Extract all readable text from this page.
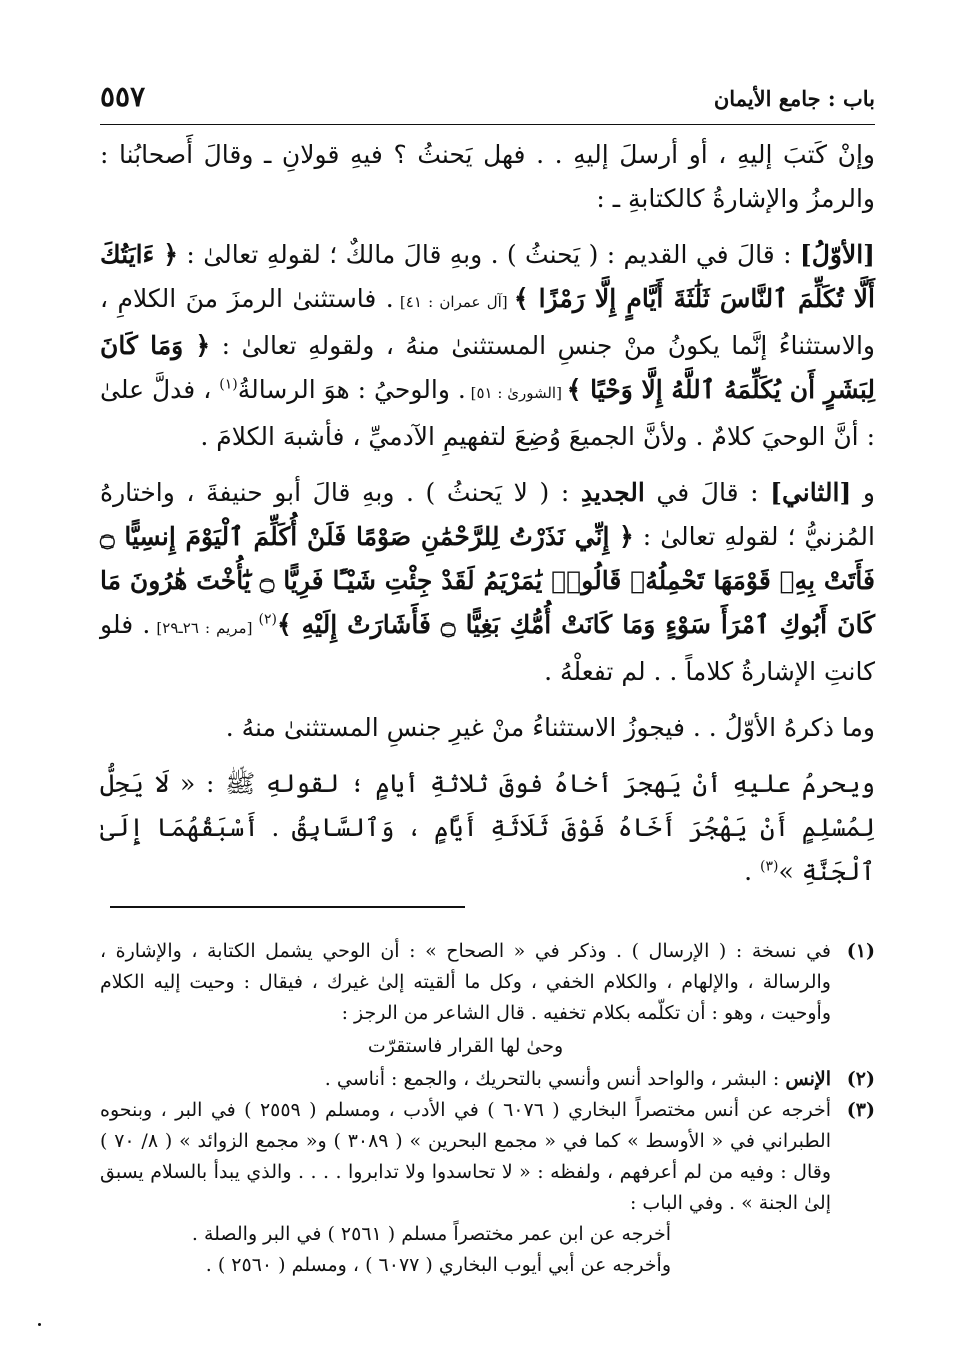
باب : جامع الأيمان
٥٥٧

وإنْ كَتبَ إليهِ ، أو أرسلَ إليهِ . . فهل يَحنثُ ؟ فيهِ قولانِ ـ وقالَ أَصحابُنا : والرمزُ والإشارةُ كالكتابةِ ـ :

[الأوّلُ] : قالَ في القديم : ( يَحنثُ ) . وبهِ قالَ مالكٌ ؛ لقولهِ تعالىٰ : ﴿ ءَايَتُكَ أَلَّا تُكَلِّمَ ٱلنَّاسَ ثَلَٰثَةَ أَيَّامٍ إِلَّا رَمْزًا ﴾ [آل عمران : ٤١] . فاستثنىٰ الرمزَ منَ الكلامِ ، والاستثناءُ إنَّما يكونُ منْ جنسِ المستثنىٰ منهُ ، ولقولهِ تعالىٰ : ﴿ وَمَا كَانَ لِبَشَرٍ أَن يُكَلِّمَهُ ٱللَّهُ إِلَّا وَحْيًا ﴾ [الشورىٰ : ٥١] . والوحيُ : هوَ الرسالةُ$^{(١)}$ ، فدلَّ علىٰ : أنَّ الوحيَ كلامٌ . ولأنَّ الجميعَ وُضِعَ لتفهيمِ الآدميِّ ، فأشبهَ الكلامَ .

و [الثاني] : قالَ في الجديدِ : ( لا يَحنثُ ) . وبهِ قالَ أبو حنيفةَ ، واختارهُ المُزنيُّ ؛ لقولهِ تعالىٰ : ﴿ إِنِّي نَذَرْتُ لِلرَّحْمَٰنِ صَوْمًا فَلَنْ أُكَلِّمَ ٱلْيَوْمَ إِنسِيًّا ۝ فَأَتَتْ بِهِۦ قَوْمَهَا تَحْمِلُهُۥ قَالُوا۟ يَٰمَرْيَمُ لَقَدْ جِئْتِ شَيْـًٔا فَرِيًّا ۝ يَٰٓأُخْتَ هَٰرُونَ مَا كَانَ أَبُوكِ ٱمْرَأَ سَوْءٍ وَمَا كَانَتْ أُمُّكِ بَغِيًّا ۝ فَأَشَارَتْ إِلَيْهِ ﴾$^{(٢)}$ [مريم : ٢٦ـ٢٩] . فلو كانتِ الإشارةُ كلاماً . . لم تفعلْهُ .

وما ذكرهُ الأوّلُ . . فيجوزُ الاستثناءُ منْ غيرِ جنسِ المستثنىٰ منهُ .

ويحرمُ عليهِ أنْ يَهجرَ أخاهُ فوقَ ثلاثةِ أيامٍ ؛ لقولهِ ﷺ : « لَا يَحِلُّ لِمُسْلِمٍ أَنْ يَهْجُرَ أَخَاهُ فَوْقَ ثَلَاثَةِ أَيَّامٍ ، وَٱلسَّابِقُ . أَسْبَقُهُمَا إِلَىٰ ٱلْجَنَّةِ »$^{(٣)}$ .

(١)
في نسخة : ( الإرسال ) . وذكر في « الصحاح » : أن الوحي يشمل الكتابة ، والإشارة ، والرسالة ، والإلهام ، والكلام الخفي ، وكل ما ألقيته إلىٰ غيرك ، فيقال : وحيت إليه الكلام وأوحيت ، وهو : أن تكلّمه بكلام تخفيه . قال الشاعر من الرجز :
وحىٰ لها القرار فاستقرّت
(٢)
الإنس : البشر ، والواحد أنس وأنسي بالتحريك ، والجمع : أناسي .
(٣)
أخرجه عن أنس مختصراً البخاري ( ٦٠٧٦ ) في الأدب ، ومسلم ( ٢٥٥٩ ) في البر ، وبنحوه الطبراني في « الأوسط » كما في « مجمع البحرين » ( ٣٠٨٩ ) و« مجمع الزوائد » ( ٨/ ٧٠ ) وقال : وفيه من لم أعرفهم ، ولفظه : « لا تحاسدوا ولا تدابروا . . . . والذي يبدأ بالسلام يسبق إلىٰ الجنة » . وفي الباب :
أخرجه عن ابن عمر مختصراً مسلم ( ٢٥٦١ ) في البر والصلة .
وأخرجه عن أبي أيوب البخاري ( ٦٠٧٧ ) ، ومسلم ( ٢٥٦٠ ) .
